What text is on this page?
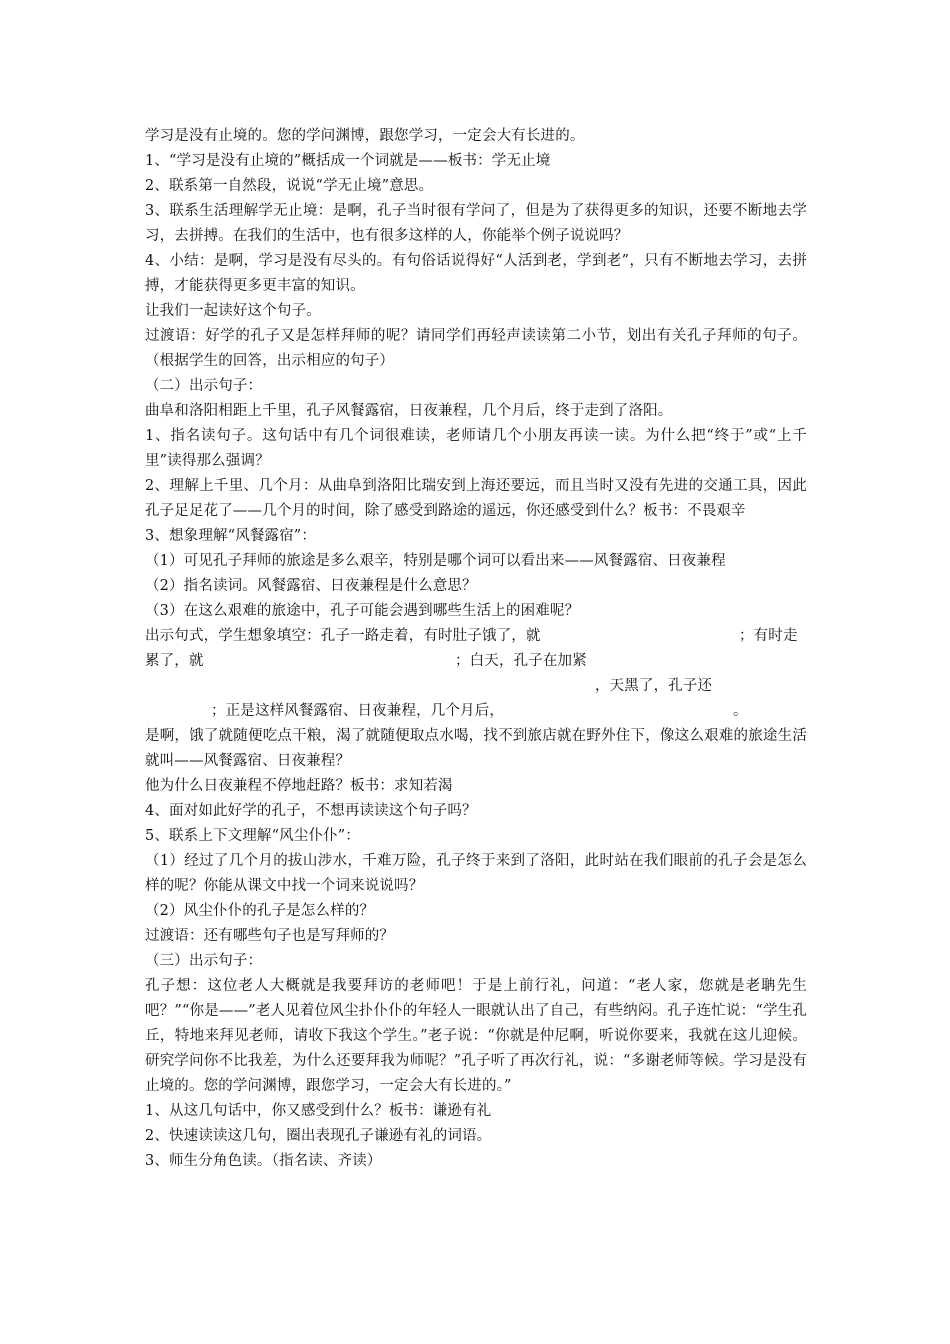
学习是没有止境的。您的学问渊博，跟您学习，一定会大有长进的。

1、“学习是没有止境的”概括成一个词就是——板书：学无止境

2、联系第一自然段，说说“学无止境”意思。

3、联系生活理解学无止境：是啊，孔子当时很有学问了，但是为了获得更多的知识，还要不断地去学习，去拼搏。在我们的生活中，也有很多这样的人，你能举个例子说说吗？

4、小结：是啊，学习是没有尽头的。有句俗话说得好“人活到老，学到老”，只有不断地去学习，去拼搏，才能获得更多更丰富的知识。

让我们一起读好这个句子。

过渡语：好学的孔子又是怎样拜师的呢？请同学们再轻声读读第二小节，划出有关孔子拜师的句子。（根据学生的回答，出示相应的句子）

（二）出示句子：

曲阜和洛阳相距上千里，孔子风餐露宿，日夜兼程，几个月后，终于走到了洛阳。

1、指名读句子。这句话中有几个词很难读，老师请几个小朋友再读一读。为什么把“终于”或“上千里”读得那么强调？

2、理解上千里、几个月：从曲阜到洛阳比瑞安到上海还要远，而且当时又没有先进的交通工具，因此孔子足足花了——几个月的时间，除了感受到路途的遥远，你还感受到什么？板书：不畏艰辛

3、想象理解“风餐露宿”：

（1）可见孔子拜师的旅途是多么艰辛，特别是哪个词可以看出来——风餐露宿、日夜兼程

（2）指名读词。风餐露宿、日夜兼程是什么意思？

（3）在这么艰难的旅途中，孔子可能会遇到哪些生活上的困难呢？

出示句式，学生想象填空：孔子一路走着，有时肚子饿了，就	；有时走
累了，就	；白天，孔子在加紧
，天黑了，孔子还
；正是这样风餐露宿、日夜兼程，几个月后，	。

是啊，饿了就随便吃点干粮，渴了就随便取点水喝，找不到旅店就在野外住下，像这么艰难的旅途生活就叫——风餐露宿、日夜兼程？

他为什么日夜兼程不停地赶路？板书：求知若渴

4、面对如此好学的孔子，不想再读读这个句子吗？

5、联系上下文理解“风尘仆仆”：

（1）经过了几个月的拔山涉水，千难万险，孔子终于来到了洛阳，此时站在我们眼前的孔子会是怎么样的呢？你能从课文中找一个词来说说吗？

（2）风尘仆仆的孔子是怎么样的？

过渡语：还有哪些句子也是写拜师的？

（三）出示句子：

孔子想：这位老人大概就是我要拜访的老师吧！于是上前行礼，问道：“老人家，您就是老聃先生吧？”“你是——”老人见着位风尘扑仆仆的年轻人一眼就认出了自己，有些纳闷。孔子连忙说：“学生孔丘，特地来拜见老师，请收下我这个学生。”老子说：“你就是仲尼啊，听说你要来，我就在这儿迎候。研究学问你不比我差，为什么还要拜我为师呢？”孔子听了再次行礼，说：“多谢老师等候。学习是没有止境的。您的学问渊博，跟您学习，一定会大有长进的。”

1、从这几句话中，你又感受到什么？板书：谦逊有礼

2、快速读读这几句，圈出表现孔子谦逊有礼的词语。

3、师生分角色读。（指名读、齐读）
